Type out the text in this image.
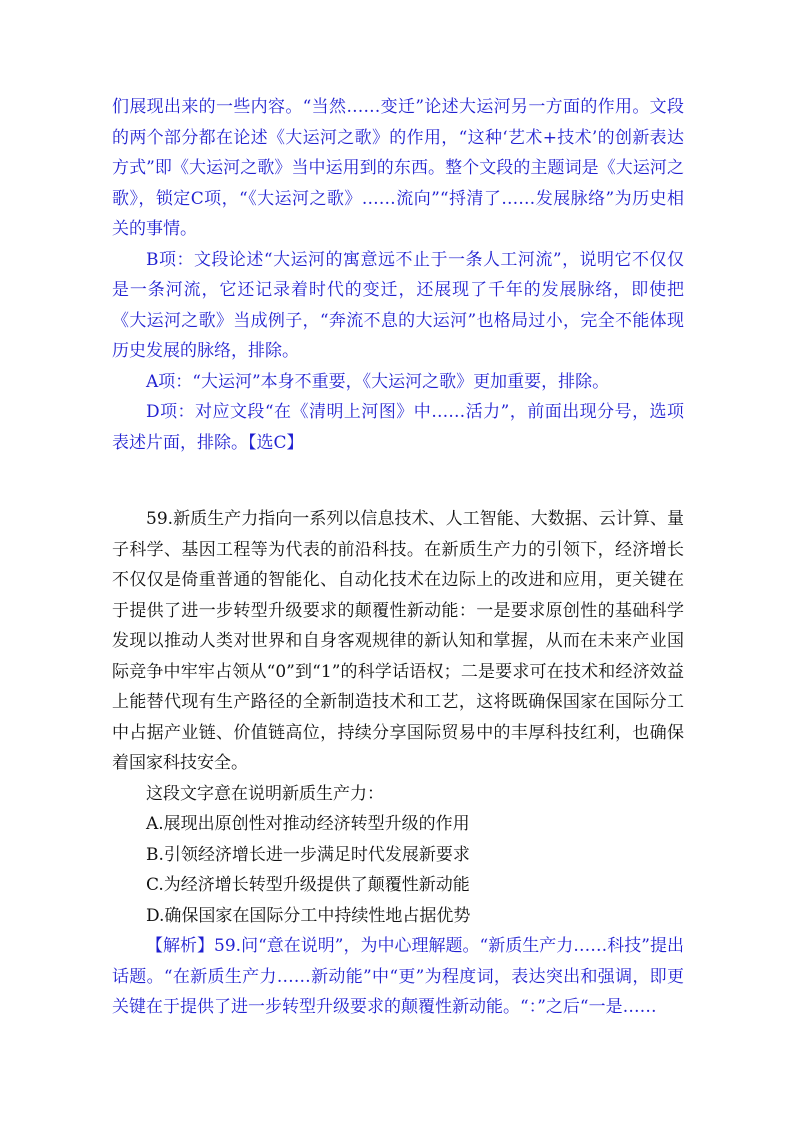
们展现出来的一些内容。“当然……变迁”论述大运河另一方面的作用。文段的两个部分都在论述《大运河之歌》的作用，“这种‘艺术+技术’的创新表达方式”即《大运河之歌》当中运用到的东西。整个文段的主题词是《大运河之歌》，锁定C项，“《大运河之歌》……流向”“捋清了……发展脉络”为历史相关的事情。

B项：文段论述“大运河的寓意远不止于一条人工河流”，说明它不仅仅是一条河流，它还记录着时代的变迁，还展现了千年的发展脉络，即使把《大运河之歌》当成例子，“奔流不息的大运河”也格局过小，完全不能体现历史发展的脉络，排除。

A项：“大运河”本身不重要，《大运河之歌》更加重要，排除。

D项：对应文段“在《清明上河图》中……活力”，前面出现分号，选项表述片面，排除。【选C】

59.新质生产力指向一系列以信息技术、人工智能、大数据、云计算、量子科学、基因工程等为代表的前沿科技。在新质生产力的引领下，经济增长不仅仅是倚重普通的智能化、自动化技术在边际上的改进和应用，更关键在于提供了进一步转型升级要求的颠覆性新动能：一是要求原创性的基础科学发现以推动人类对世界和自身客观规律的新认知和掌握，从而在未来产业国际竞争中牢牢占领从“0”到“1”的科学话语权；二是要求可在技术和经济效益上能替代现有生产路径的全新制造技术和工艺，这将既确保国家在国际分工中占据产业链、价值链高位，持续分享国际贸易中的丰厚科技红利，也确保着国家科技安全。

这段文字意在说明新质生产力：

A.展现出原创性对推动经济转型升级的作用

B.引领经济增长进一步满足时代发展新要求

C.为经济增长转型升级提供了颠覆性新动能

D.确保国家在国际分工中持续性地占据优势

【解析】59.问“意在说明”，为中心理解题。“新质生产力……科技”提出话题。“在新质生产力……新动能”中“更”为程度词，表达突出和强调，即更关键在于提供了进一步转型升级要求的颠覆性新动能。“：”之后“一是……
